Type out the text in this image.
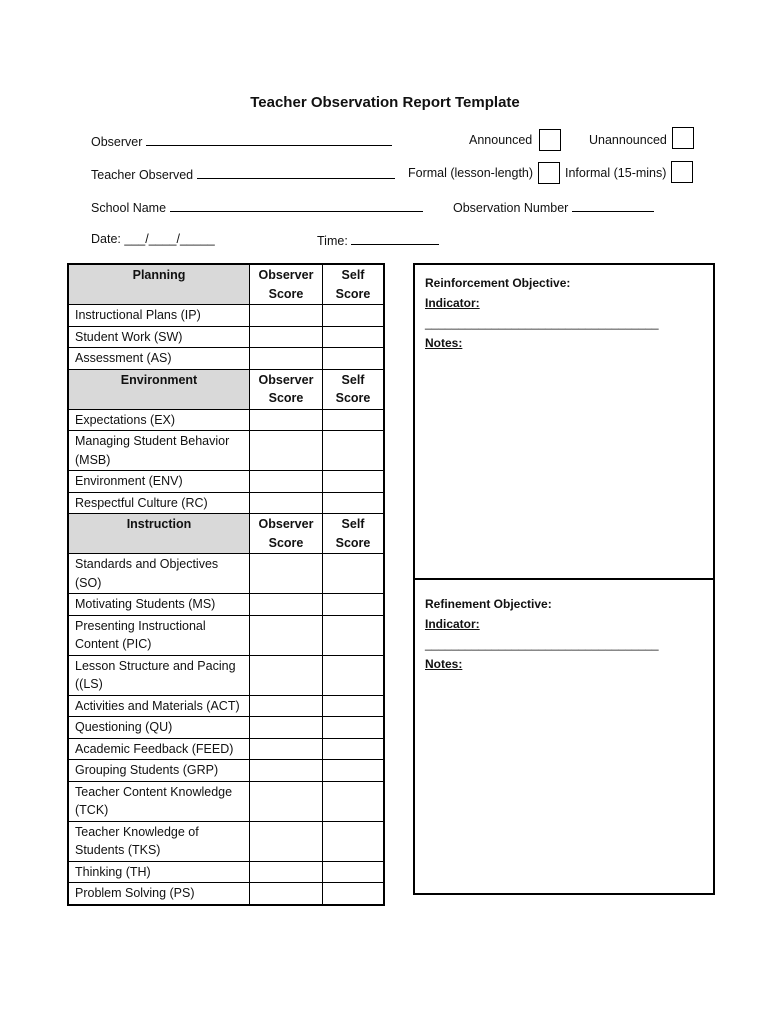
Teacher Observation Report Template
Observer	Announced	Unannounced
Teacher Observed	Formal (lesson-length)	Informal (15-mins)
School Name	Observation Number
Date: ___/____/_____	Time:
Planning	Observer Score	Self Score
Instructional Plans (IP)		
Student Work (SW)		
Assessment (AS)		
Environment	Observer Score	Self Score
Expectations (EX)		
Managing Student Behavior (MSB)		
Environment (ENV)		
Respectful Culture (RC)		
Instruction	Observer Score	Self Score
Standards and Objectives (SO)		
Motivating Students (MS)		
Presenting Instructional Content (PIC)		
Lesson Structure and Pacing ((LS)		
Activities and Materials (ACT)		
Questioning (QU)		
Academic Feedback (FEED)		
Grouping Students (GRP)		
Teacher Content Knowledge (TCK)		
Teacher Knowledge of Students (TKS)		
Thinking (TH)		
Problem Solving (PS)		
Reinforcement Objective:
Indicator: ___________________________________
Notes:
Refinement Objective:
Indicator: ___________________________________
Notes:
